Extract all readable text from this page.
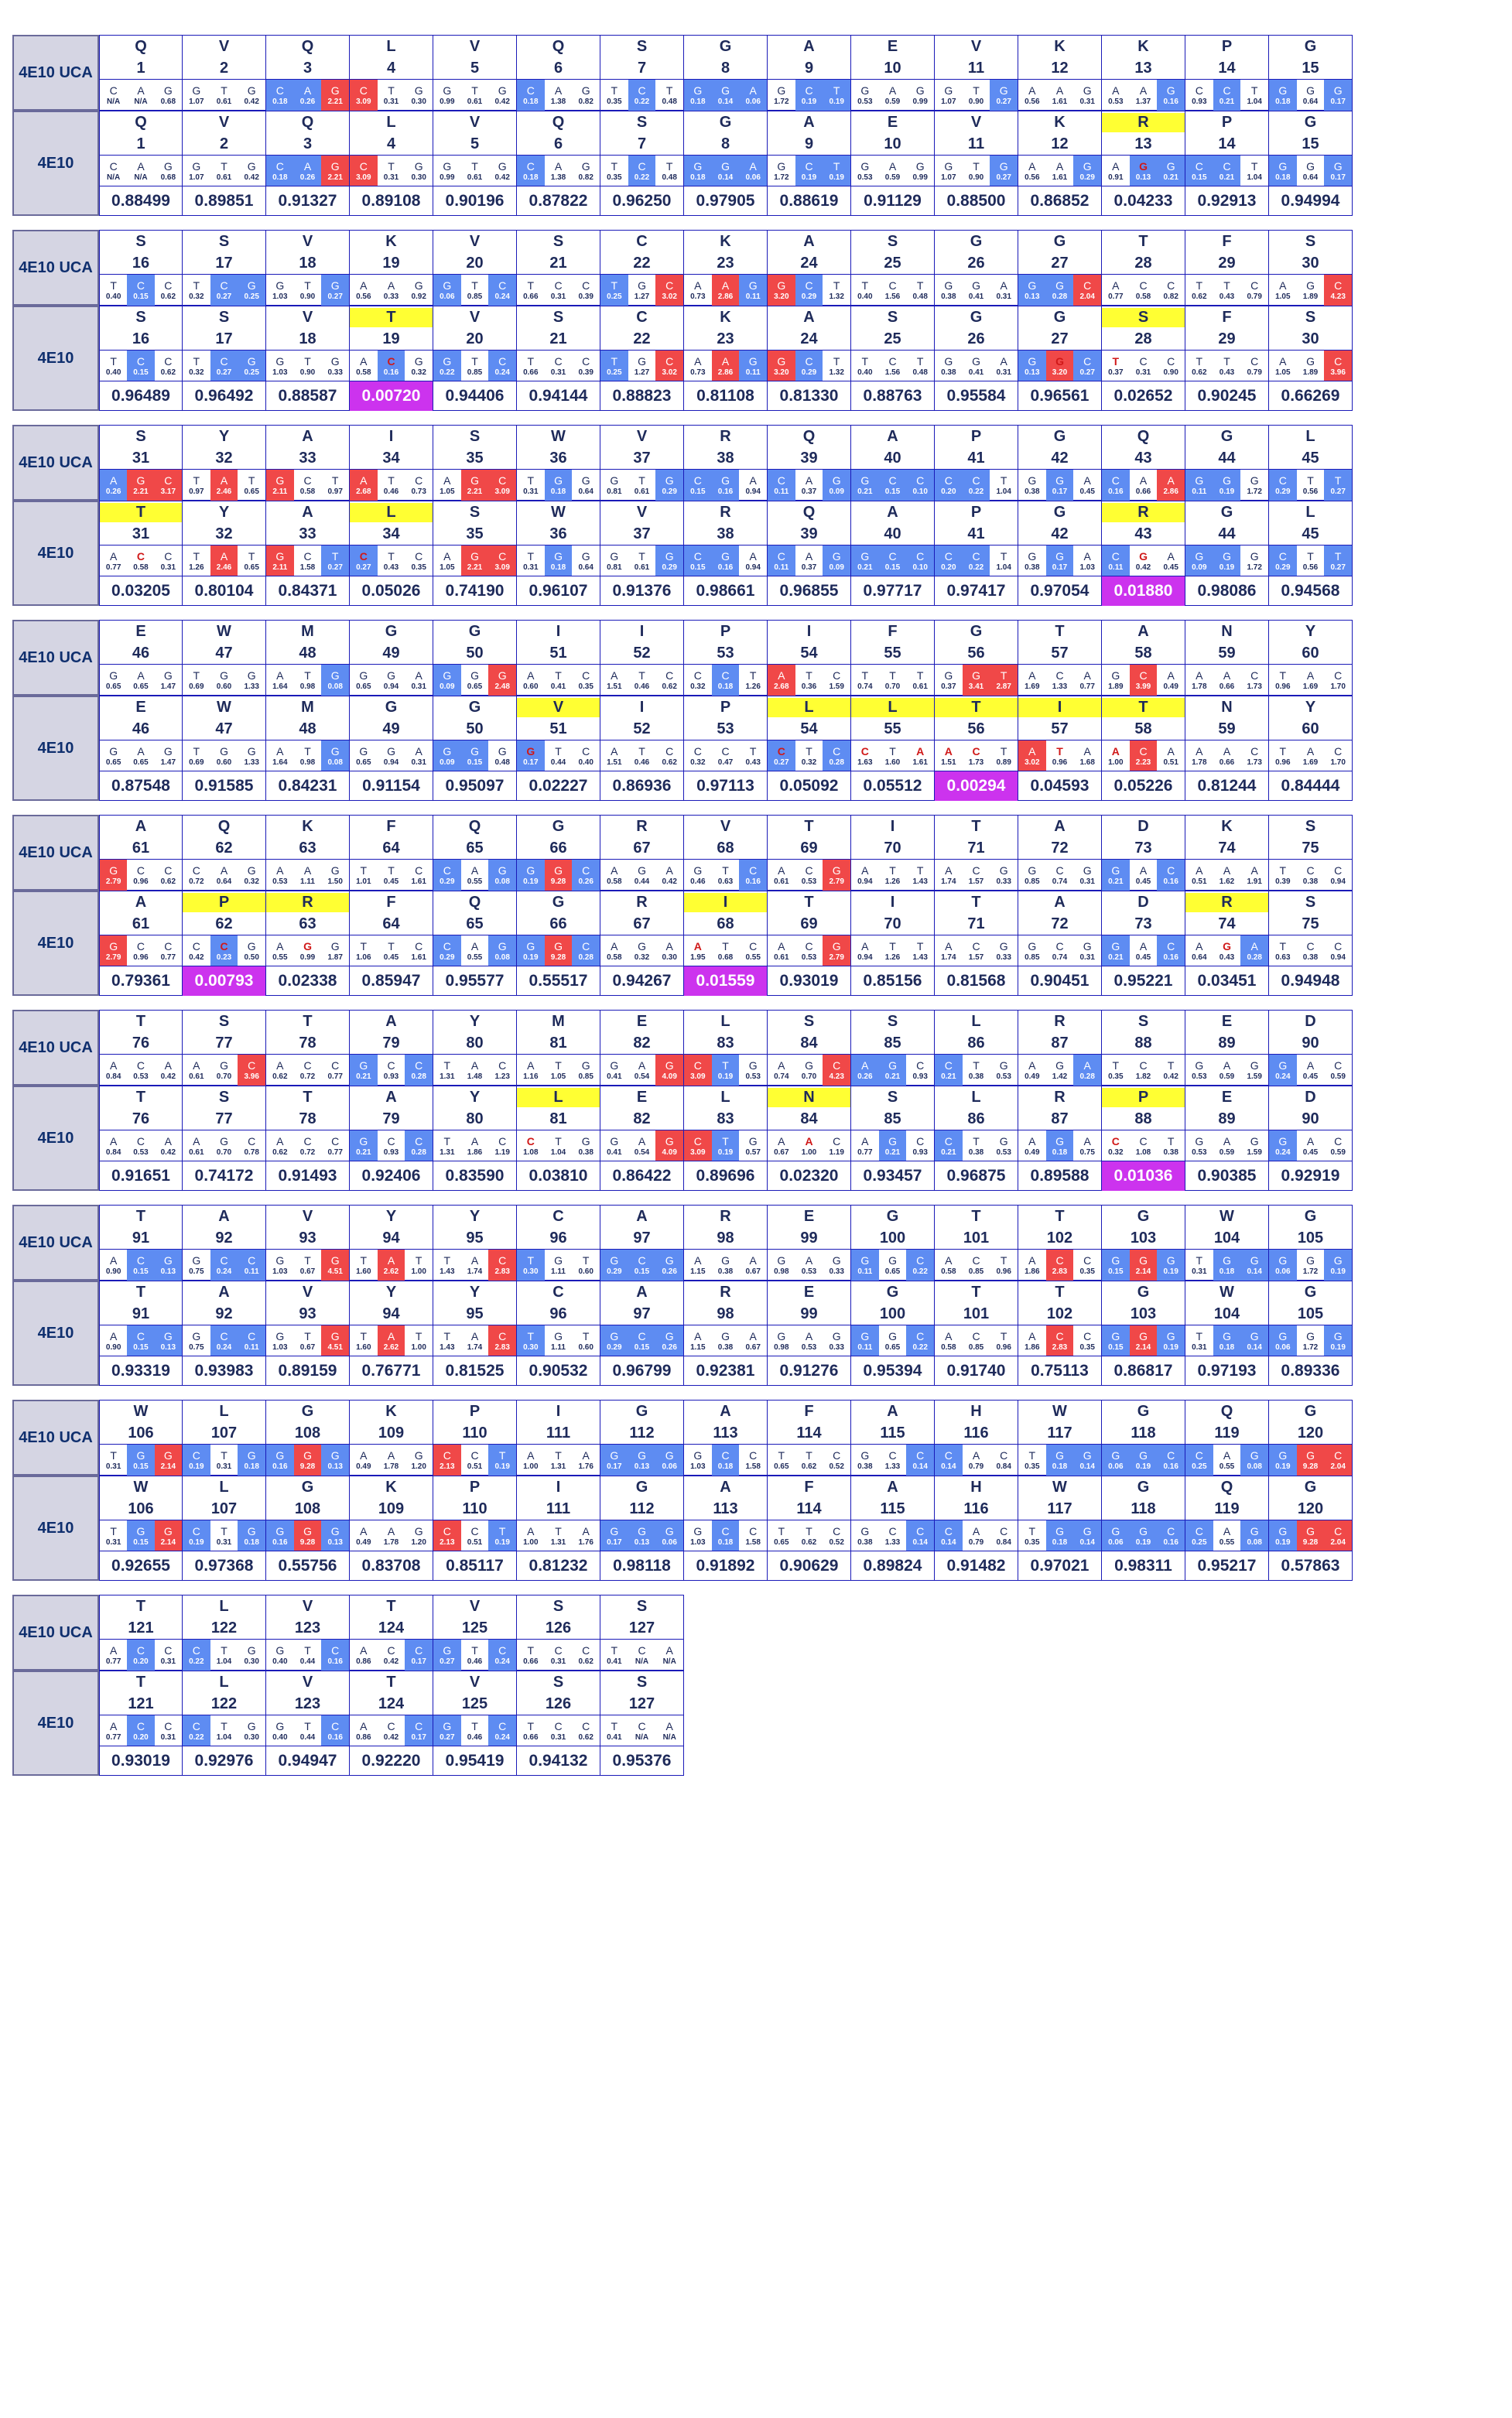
4E10 UCA
Q
1
C
N/A
A
N/A
G
0.68
V
2
G
1.07
T
0.61
G
0.42
Q
3
C
0.18
A
0.26
G
2.21
L
4
C
3.09
T
0.31
G
0.30
V
5
G
0.99
T
0.61
G
0.42
Q
6
C
0.18
A
1.38
G
0.82
S
7
T
0.35
C
0.22
T
0.48
G
8
G
0.18
G
0.14
A
0.06
A
9
G
1.72
C
0.19
T
0.19
E
10
G
0.53
A
0.59
G
0.99
V
11
G
1.07
T
0.90
G
0.27
K
12
A
0.56
A
1.61
G
0.31
K
13
A
0.53
A
1.37
G
0.16
P
14
C
0.93
C
0.21
T
1.04
G
15
G
0.18
G
0.64
G
0.17
4E10
Q
1
C
N/A
A
N/A
G
0.68
0.88499
V
2
G
1.07
T
0.61
G
0.42
0.89851
Q
3
C
0.18
A
0.26
G
2.21
0.91327
L
4
C
3.09
T
0.31
G
0.30
0.89108
V
5
G
0.99
T
0.61
G
0.42
0.90196
Q
6
C
0.18
A
1.38
G
0.82
0.87822
S
7
T
0.35
C
0.22
T
0.48
0.96250
G
8
G
0.18
G
0.14
A
0.06
0.97905
A
9
G
1.72
C
0.19
T
0.19
0.88619
E
10
G
0.53
A
0.59
G
0.99
0.91129
V
11
G
1.07
T
0.90
G
0.27
0.88500
K
12
A
0.56
A
1.61
G
0.29
0.86852
R
13
A
0.91
G
0.13
G
0.21
0.04233
P
14
C
0.15
C
0.21
T
1.04
0.92913
G
15
G
0.18
G
0.64
G
0.17
0.94994
4E10 UCA
S
16
T
0.40
C
0.15
C
0.62
S
17
T
0.32
C
0.27
G
0.25
V
18
G
1.03
T
0.90
G
0.27
K
19
A
0.56
A
0.33
G
0.92
V
20
G
0.06
T
0.85
C
0.24
S
21
T
0.66
C
0.31
C
0.39
C
22
T
0.25
G
1.27
C
3.02
K
23
A
0.73
A
2.86
G
0.11
A
24
G
3.20
C
0.29
T
1.32
S
25
T
0.40
C
1.56
T
0.48
G
26
G
0.38
G
0.41
A
0.31
G
27
G
0.13
G
0.28
C
2.04
T
28
A
0.77
C
0.58
C
0.82
F
29
T
0.62
T
0.43
C
0.79
S
30
A
1.05
G
1.89
C
4.23
4E10
S
16
T
0.40
C
0.15
C
0.62
0.96489
S
17
T
0.32
C
0.27
G
0.25
0.96492
V
18
G
1.03
T
0.90
G
0.33
0.88587
T
19
A
0.58
C
0.16
G
0.32
0.00720
V
20
G
0.22
T
0.85
C
0.24
0.94406
S
21
T
0.66
C
0.31
C
0.39
0.94144
C
22
T
0.25
G
1.27
C
3.02
0.88823
K
23
A
0.73
A
2.86
G
0.11
0.81108
A
24
G
3.20
C
0.29
T
1.32
0.81330
S
25
T
0.40
C
1.56
T
0.48
0.88763
G
26
G
0.38
G
0.41
A
0.31
0.95584
G
27
G
0.13
G
3.20
C
0.27
0.96561
S
28
T
0.37
C
0.31
C
0.90
0.02652
F
29
T
0.62
T
0.43
C
0.79
0.90245
S
30
A
1.05
G
1.89
C
3.96
0.66269
4E10 UCA
S
31
A
0.26
G
2.21
C
3.17
Y
32
T
0.97
A
2.46
T
0.65
A
33
G
2.11
C
0.58
T
0.97
I
34
A
2.68
T
0.46
C
0.73
S
35
A
1.05
G
2.21
C
3.09
W
36
T
0.31
G
0.18
G
0.64
V
37
G
0.81
T
0.61
G
0.29
R
38
C
0.15
G
0.16
A
0.94
Q
39
C
0.11
A
0.37
G
0.09
A
40
G
0.21
C
0.15
C
0.10
P
41
C
0.20
C
0.22
T
1.04
G
42
G
0.38
G
0.17
A
0.45
Q
43
C
0.16
A
0.66
A
2.86
G
44
G
0.11
G
0.19
G
1.72
L
45
C
0.29
T
0.56
T
0.27
4E10
T
31
A
0.77
C
0.58
C
0.31
0.03205
Y
32
T
1.26
A
2.46
T
0.65
0.80104
A
33
G
2.11
C
1.58
T
0.27
0.84371
L
34
C
0.27
T
0.43
C
0.35
0.05026
S
35
A
1.05
G
2.21
C
3.09
0.74190
W
36
T
0.31
G
0.18
G
0.64
0.96107
V
37
G
0.81
T
0.61
G
0.29
0.91376
R
38
C
0.15
G
0.16
A
0.94
0.98661
Q
39
C
0.11
A
0.37
G
0.09
0.96855
A
40
G
0.21
C
0.15
C
0.10
0.97717
P
41
C
0.20
C
0.22
T
1.04
0.97417
G
42
G
0.38
G
0.17
A
1.03
0.97054
R
43
C
0.11
G
0.42
A
0.45
0.01880
G
44
G
0.09
G
0.19
G
1.72
0.98086
L
45
C
0.29
T
0.56
T
0.27
0.94568
4E10 UCA
E
46
G
0.65
A
0.65
G
1.47
W
47
T
0.69
G
0.60
G
1.33
M
48
A
1.64
T
0.98
G
0.08
G
49
G
0.65
G
0.94
A
0.31
G
50
G
0.09
G
0.65
G
2.48
I
51
A
0.60
T
0.41
C
0.35
I
52
A
1.51
T
0.46
C
0.62
P
53
C
0.32
C
0.18
T
1.26
I
54
A
2.68
T
0.36
C
1.59
F
55
T
0.74
T
0.70
T
0.61
G
56
G
0.37
G
3.41
T
2.87
T
57
A
1.69
C
1.33
A
0.77
A
58
G
1.89
C
3.99
A
0.49
N
59
A
1.78
A
0.66
C
1.73
Y
60
T
0.96
A
1.69
C
1.70
4E10
E
46
G
0.65
A
0.65
G
1.47
0.87548
W
47
T
0.69
G
0.60
G
1.33
0.91585
M
48
A
1.64
T
0.98
G
0.08
0.84231
G
49
G
0.65
G
0.94
A
0.31
0.91154
G
50
G
0.09
G
0.15
G
0.48
0.95097
V
51
G
0.17
T
0.44
C
0.40
0.02227
I
52
A
1.51
T
0.46
C
0.62
0.86936
P
53
C
0.32
C
0.47
T
0.43
0.97113
L
54
C
0.27
T
0.32
C
0.28
0.05092
L
55
C
1.63
T
1.60
A
1.61
0.05512
T
56
A
1.51
C
1.73
T
0.89
0.00294
I
57
A
3.02
T
0.96
A
1.68
0.04593
T
58
A
1.00
C
2.23
A
0.51
0.05226
N
59
A
1.78
A
0.66
C
1.73
0.81244
Y
60
T
0.96
A
1.69
C
1.70
0.84444
4E10 UCA
A
61
G
2.79
C
0.96
C
0.62
Q
62
C
0.72
A
0.64
G
0.32
K
63
A
0.53
A
1.11
G
1.50
F
64
T
1.01
T
0.45
C
1.61
Q
65
C
0.29
A
0.55
G
0.08
G
66
G
0.19
G
9.28
C
0.26
R
67
A
0.58
G
0.44
A
0.42
V
68
G
0.46
T
0.63
C
0.16
T
69
A
0.61
C
0.53
G
2.79
I
70
A
0.94
T
1.26
T
1.43
T
71
A
1.74
C
1.57
G
0.33
A
72
G
0.85
C
0.74
G
0.31
D
73
G
0.21
A
0.45
C
0.16
K
74
A
0.51
A
1.62
A
1.91
S
75
T
0.39
C
0.38
C
0.94
4E10
A
61
G
2.79
C
0.96
C
0.77
0.79361
P
62
C
0.42
C
0.23
G
0.50
0.00793
R
63
A
0.55
G
0.99
G
1.87
0.02338
F
64
T
1.06
T
0.45
C
1.61
0.85947
Q
65
C
0.29
A
0.55
G
0.08
0.95577
G
66
G
0.19
G
9.28
C
0.28
0.55517
R
67
A
0.58
G
0.32
A
0.30
0.94267
I
68
A
1.95
T
0.68
C
0.55
0.01559
T
69
A
0.61
C
0.53
G
2.79
0.93019
I
70
A
0.94
T
1.26
T
1.43
0.85156
T
71
A
1.74
C
1.57
G
0.33
0.81568
A
72
G
0.85
C
0.74
G
0.31
0.90451
D
73
G
0.21
A
0.45
C
0.16
0.95221
R
74
A
0.64
G
0.43
A
0.28
0.03451
S
75
T
0.63
C
0.38
C
0.94
0.94948
4E10 UCA
T
76
A
0.84
C
0.53
A
0.42
S
77
A
0.61
G
0.70
C
3.96
T
78
A
0.62
C
0.72
C
0.77
A
79
G
0.21
C
0.93
C
0.28
Y
80
T
1.31
A
1.48
C
1.23
M
81
A
1.16
T
1.05
G
0.85
E
82
G
0.41
A
0.54
G
4.09
L
83
C
3.09
T
0.19
G
0.53
S
84
A
0.74
G
0.70
C
4.23
S
85
A
0.26
G
0.21
C
0.93
L
86
C
0.21
T
0.38
G
0.53
R
87
A
0.49
G
1.42
A
0.28
S
88
T
0.35
C
1.82
T
0.42
E
89
G
0.53
A
0.59
G
1.59
D
90
G
0.24
A
0.45
C
0.59
4E10
T
76
A
0.84
C
0.53
A
0.42
0.91651
S
77
A
0.61
G
0.70
C
0.78
0.74172
T
78
A
0.62
C
0.72
C
0.77
0.91493
A
79
G
0.21
C
0.93
C
0.28
0.92406
Y
80
T
1.31
A
1.86
C
1.19
0.83590
L
81
C
1.08
T
1.04
G
0.38
0.03810
E
82
G
0.41
A
0.54
G
4.09
0.86422
L
83
C
3.09
T
0.19
G
0.57
0.89696
N
84
A
0.67
A
1.00
C
1.19
0.02320
S
85
A
0.77
G
0.21
C
0.93
0.93457
L
86
C
0.21
T
0.38
G
0.53
0.96875
R
87
A
0.49
G
0.18
A
0.75
0.89588
P
88
C
0.32
C
1.08
T
0.38
0.01036
E
89
G
0.53
A
0.59
G
1.59
0.90385
D
90
G
0.24
A
0.45
C
0.59
0.92919
4E10 UCA
T
91
A
0.90
C
0.15
G
0.13
A
92
G
0.75
C
0.24
C
0.11
V
93
G
1.03
T
0.67
G
4.51
Y
94
T
1.60
A
2.62
T
1.00
Y
95
T
1.43
A
1.74
C
2.83
C
96
T
0.30
G
1.11
T
0.60
A
97
G
0.29
C
0.15
G
0.26
R
98
A
1.15
G
0.38
A
0.67
E
99
G
0.98
A
0.53
G
0.33
G
100
G
0.11
G
0.65
C
0.22
T
101
A
0.58
C
0.85
T
0.96
T
102
A
1.86
C
2.83
C
0.35
G
103
G
0.15
G
2.14
G
0.19
W
104
T
0.31
G
0.18
G
0.14
G
105
G
0.06
G
1.72
G
0.19
4E10
T
91
A
0.90
C
0.15
G
0.13
0.93319
A
92
G
0.75
C
0.24
C
0.11
0.93983
V
93
G
1.03
T
0.67
G
4.51
0.89159
Y
94
T
1.60
A
2.62
T
1.00
0.76771
Y
95
T
1.43
A
1.74
C
2.83
0.81525
C
96
T
0.30
G
1.11
T
0.60
0.90532
A
97
G
0.29
C
0.15
G
0.26
0.96799
R
98
A
1.15
G
0.38
A
0.67
0.92381
E
99
G
0.98
A
0.53
G
0.33
0.91276
G
100
G
0.11
G
0.65
C
0.22
0.95394
T
101
A
0.58
C
0.85
T
0.96
0.91740
T
102
A
1.86
C
2.83
C
0.35
0.75113
G
103
G
0.15
G
2.14
G
0.19
0.86817
W
104
T
0.31
G
0.18
G
0.14
0.97193
G
105
G
0.06
G
1.72
G
0.19
0.89336
4E10 UCA
W
106
T
0.31
G
0.15
G
2.14
L
107
C
0.19
T
0.31
G
0.18
G
108
G
0.16
G
9.28
G
0.13
K
109
A
0.49
A
1.78
G
1.20
P
110
C
2.13
C
0.51
T
0.19
I
111
A
1.00
T
1.31
A
1.76
G
112
G
0.17
G
0.13
G
0.06
A
113
G
1.03
C
0.18
C
1.58
F
114
T
0.65
T
0.62
C
0.52
A
115
G
0.38
C
1.33
C
0.14
H
116
C
0.14
A
0.79
C
0.84
W
117
T
0.35
G
0.18
G
0.14
G
118
G
0.06
G
0.19
C
0.16
Q
119
C
0.25
A
0.55
G
0.08
G
120
G
0.19
G
9.28
C
2.04
4E10
W
106
T
0.31
G
0.15
G
2.14
0.92655
L
107
C
0.19
T
0.31
G
0.18
0.97368
G
108
G
0.16
G
9.28
G
0.13
0.55756
K
109
A
0.49
A
1.78
G
1.20
0.83708
P
110
C
2.13
C
0.51
T
0.19
0.85117
I
111
A
1.00
T
1.31
A
1.76
0.81232
G
112
G
0.17
G
0.13
G
0.06
0.98118
A
113
G
1.03
C
0.18
C
1.58
0.91892
F
114
T
0.65
T
0.62
C
0.52
0.90629
A
115
G
0.38
C
1.33
C
0.14
0.89824
H
116
C
0.14
A
0.79
C
0.84
0.91482
W
117
T
0.35
G
0.18
G
0.14
0.97021
G
118
G
0.06
G
0.19
C
0.16
0.98311
Q
119
C
0.25
A
0.55
G
0.08
0.95217
G
120
G
0.19
G
9.28
C
2.04
0.57863
4E10 UCA
T
121
A
0.77
C
0.20
C
0.31
L
122
C
0.22
T
1.04
G
0.30
V
123
G
0.40
T
0.44
C
0.16
T
124
A
0.86
C
0.42
C
0.17
V
125
G
0.27
T
0.46
C
0.24
S
126
T
0.66
C
0.31
C
0.62
S
127
T
0.41
C
N/A
A
N/A
4E10
T
121
A
0.77
C
0.20
C
0.31
0.93019
L
122
C
0.22
T
1.04
G
0.30
0.92976
V
123
G
0.40
T
0.44
C
0.16
0.94947
T
124
A
0.86
C
0.42
C
0.17
0.92220
V
125
G
0.27
T
0.46
C
0.24
0.95419
S
126
T
0.66
C
0.31
C
0.62
0.94132
S
127
T
0.41
C
N/A
A
N/A
0.95376
